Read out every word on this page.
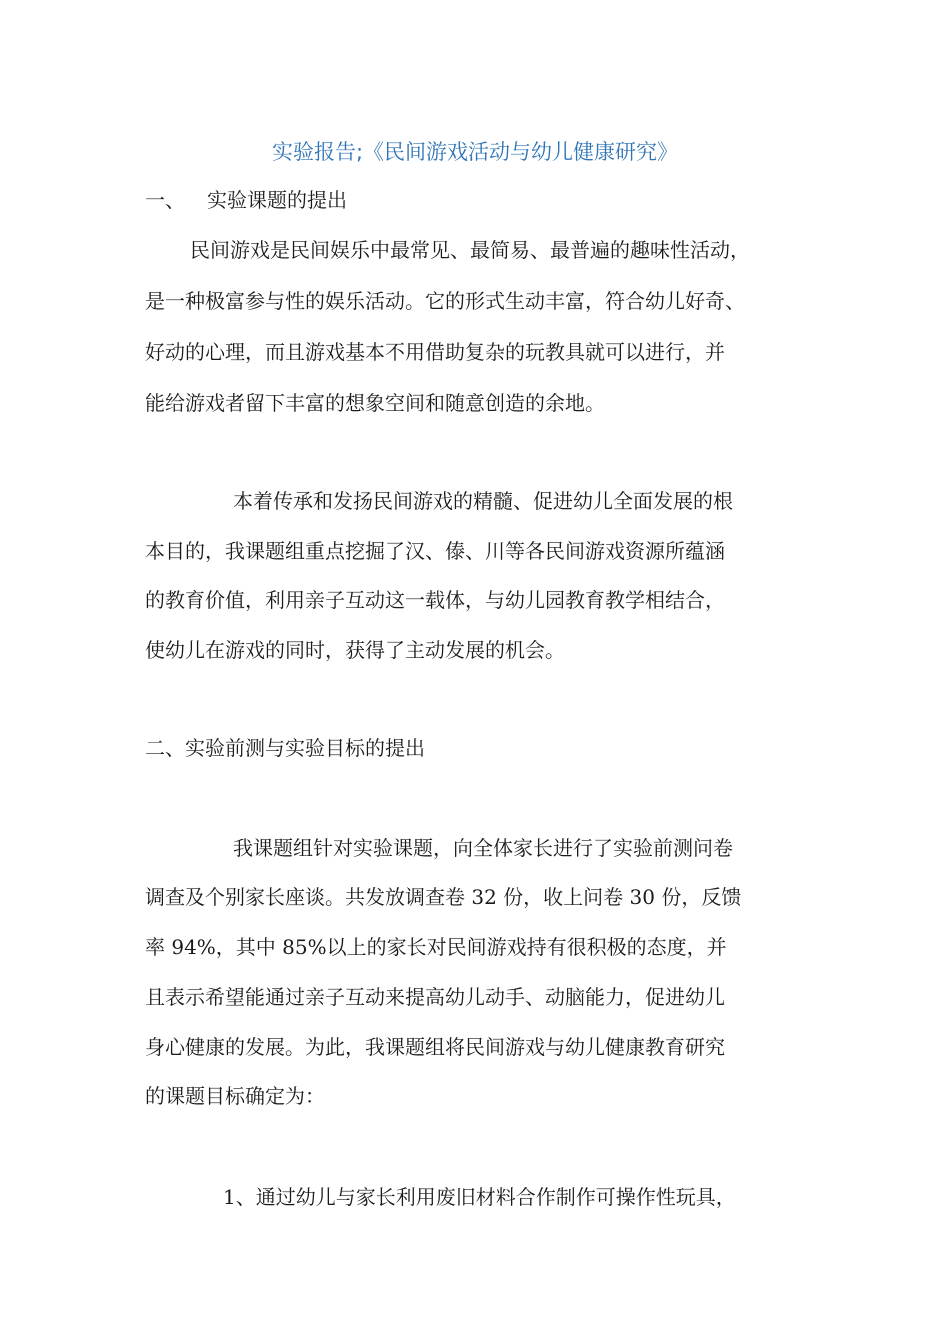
实验报告;《民间游戏活动与幼儿健康研究》
一、 实验课题的提出
民间游戏是民间娱乐中最常见、最简易、最普遍的趣味性活动，
是一种极富参与性的娱乐活动。它的形式生动丰富，符合幼儿好奇、
好动的心理，而且游戏基本不用借助复杂的玩教具就可以进行，并
能给游戏者留下丰富的想象空间和随意创造的余地。
本着传承和发扬民间游戏的精髓、促进幼儿全面发展的根
本目的，我课题组重点挖掘了汉、傣、川等各民间游戏资源所蕴涵
的教育价值，利用亲子互动这一载体，与幼儿园教育教学相结合，
使幼儿在游戏的同时，获得了主动发展的机会。
二、实验前测与实验目标的提出
我课题组针对实验课题，向全体家长进行了实验前测问卷
调查及个别家长座谈。共发放调查卷 32 份，收上问卷 30 份，反馈
率 94%，其中 85%以上的家长对民间游戏持有很积极的态度，并
且表示希望能通过亲子互动来提高幼儿动手、动脑能力，促进幼儿
身心健康的发展。为此，我课题组将民间游戏与幼儿健康教育研究
的课题目标确定为：
1、通过幼儿与家长利用废旧材料合作制作可操作性玩具，
